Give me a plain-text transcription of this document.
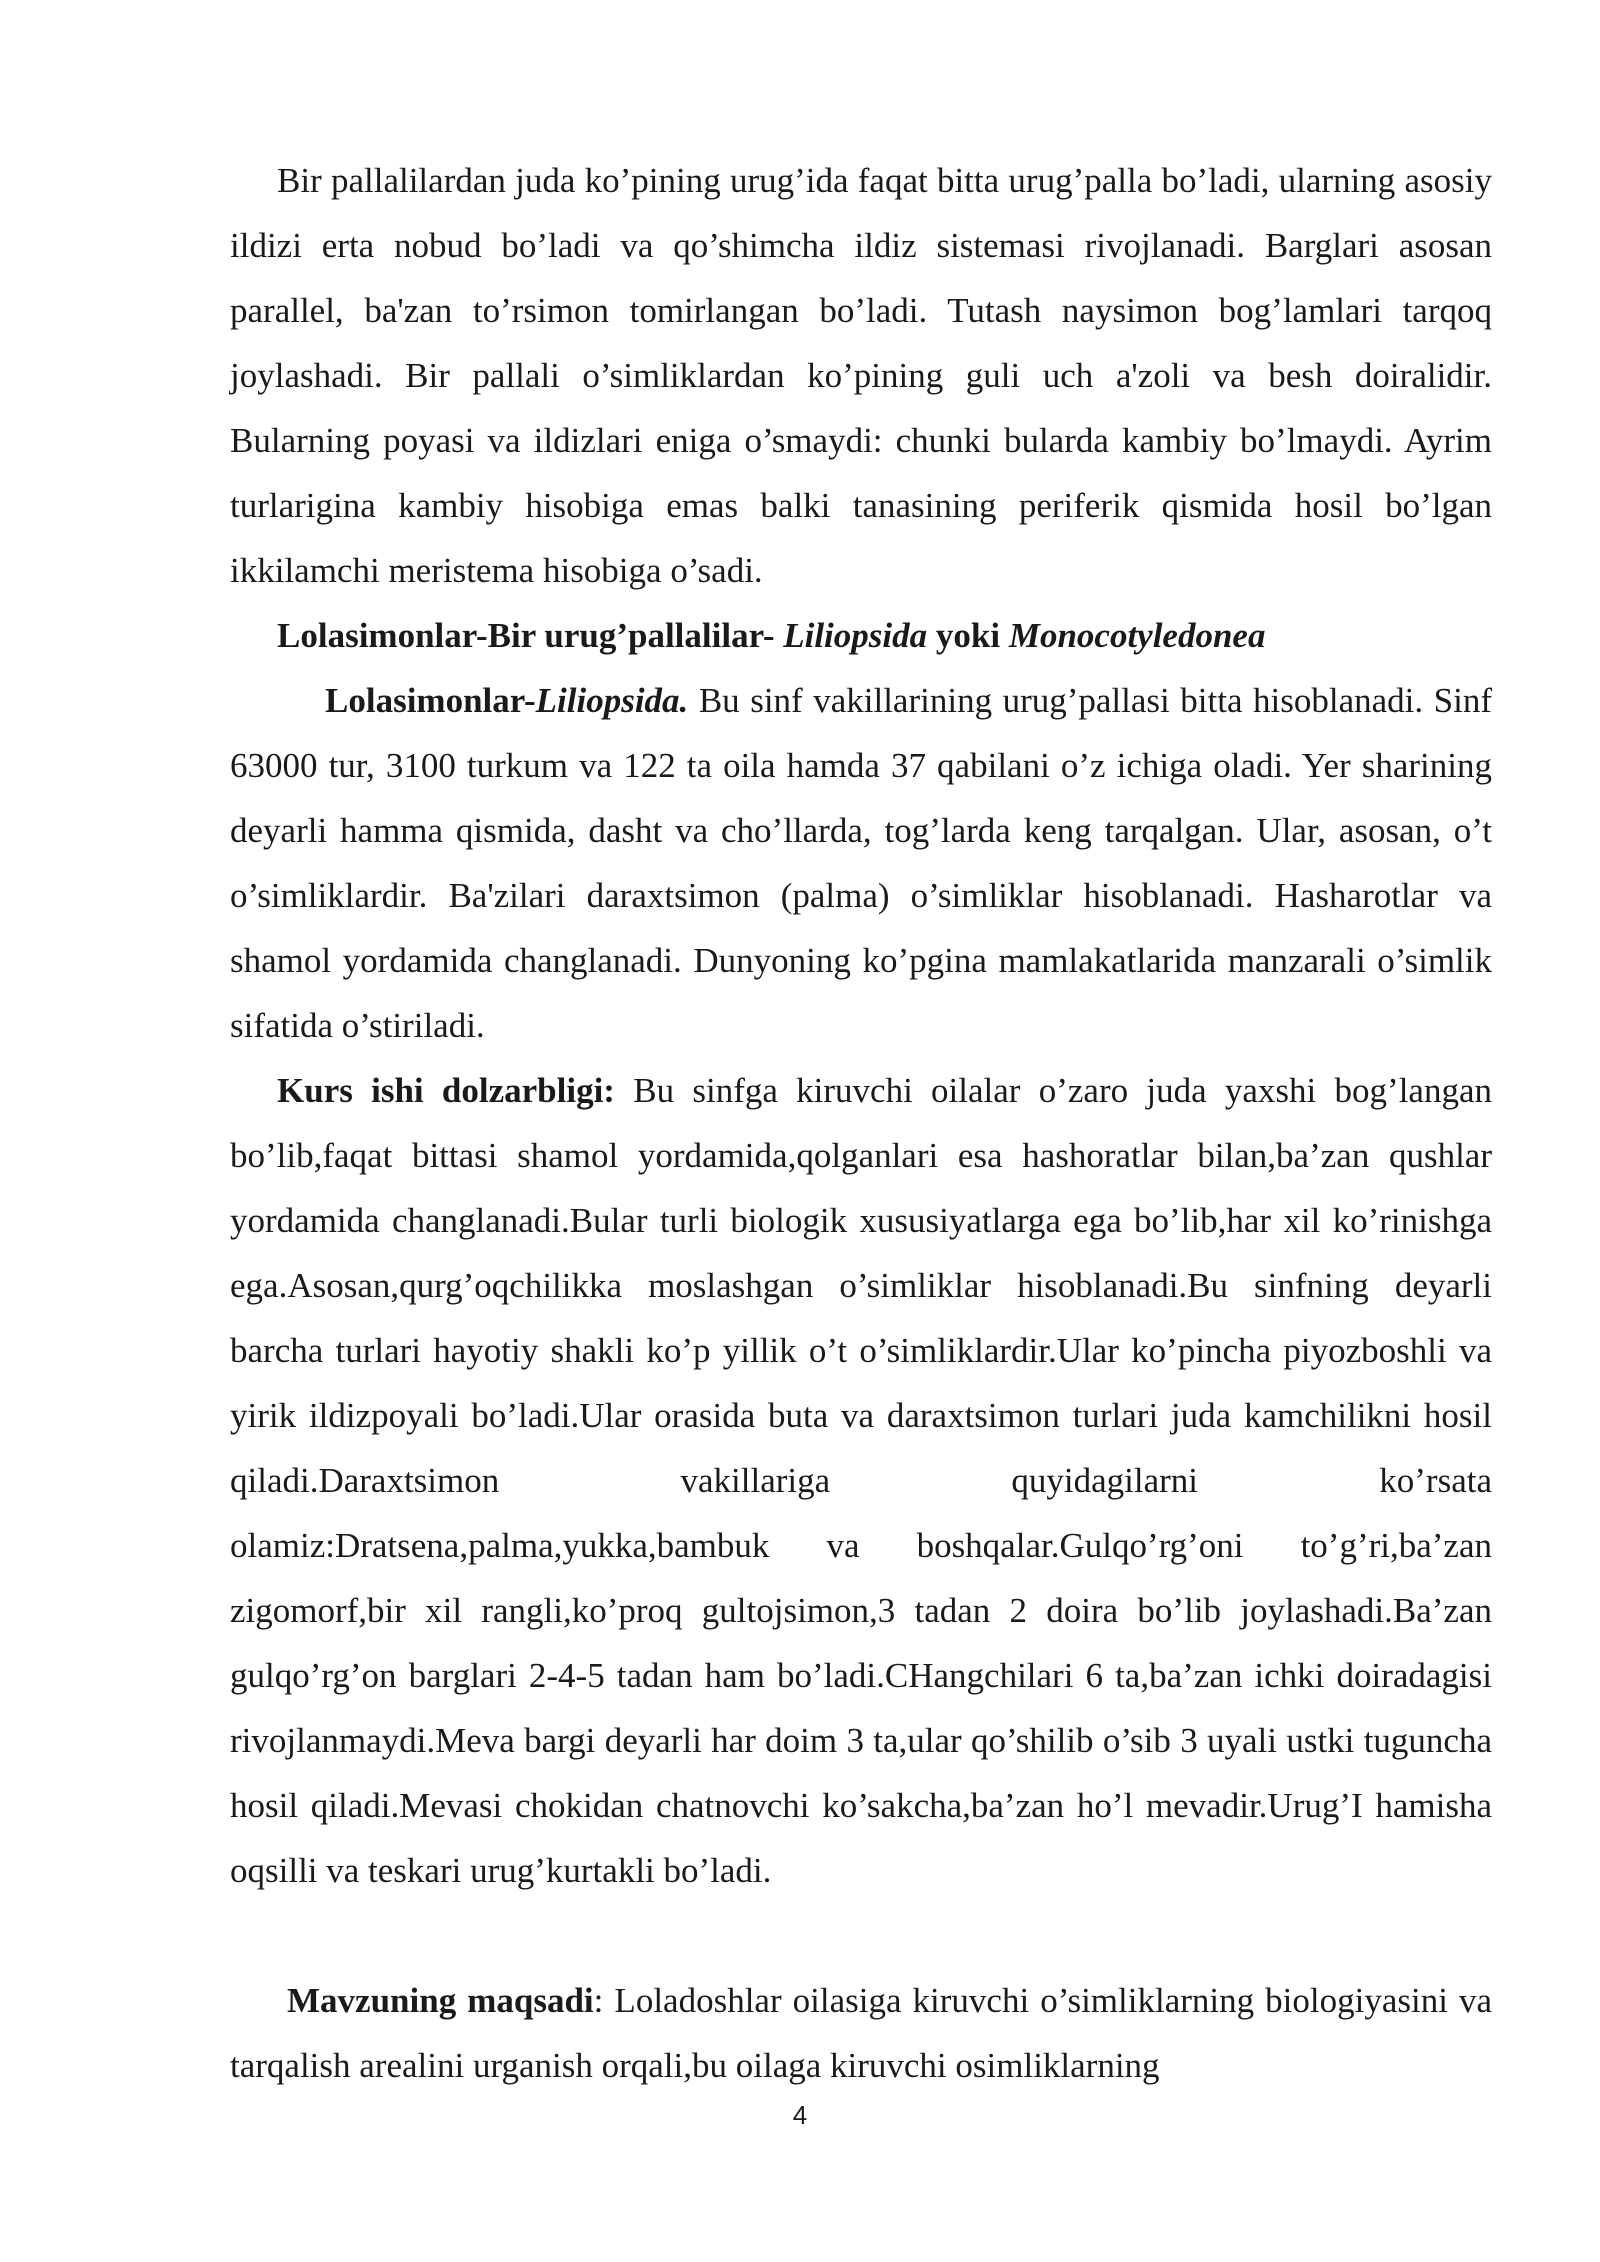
Bir pallalilardan juda ko’pining urug’ida faqat bitta urug’palla bo’ladi, ularning asosiy ildizi erta nobud bo’ladi va qo’shimcha ildiz sistemasi rivojlanadi. Barglari asosan parallel, ba'zan to’rsimon tomirlangan bo’ladi. Tutash naysimon bog’lamlari tarqoq joylashadi. Bir pallali o’simliklardan ko’pining guli uch a'zoli va besh doiralidir. Bularning poyasi va ildizlari eniga o’smaydi: chunki bularda kambiy bo’lmaydi. Ayrim turlarigina kambiy hisobiga emas balki tanasining periferik qismida hosil bo’lgan ikkilamchi meristema hisobiga o’sadi.

Lolasimonlar-Bir urug’pallalilar- Liliopsida yoki Monocotyledonea

Lolasimonlar-Liliopsida. Bu sinf vakillarining urug’pallasi bitta hisoblanadi. Sinf 63000 tur, 3100 turkum va 122 ta oila hamda 37 qabilani o’z ichiga oladi. Yer sharining deyarli hamma qismida, dasht va cho’llarda, tog’larda keng tarqalgan. Ular, asosan, o’t o’simliklardir. Ba'zilari daraxtsimon (palma) o’simliklar hisoblanadi. Hasharotlar va shamol yordamida changlanadi. Dunyoning ko’pgina mamlakatlarida manzarali o’simlik sifatida o’stiriladi.

Kurs ishi dolzarbligi: Bu sinfga kiruvchi oilalar o’zaro juda yaxshi bog’langan bo’lib,faqat bittasi shamol yordamida,qolganlari esa hashoratlar bilan,ba’zan qushlar yordamida changlanadi.Bular turli biologik xususiyatlarga ega bo’lib,har xil ko’rinishga ega.Asosan,qurg’oqchilikka moslashgan o’simliklar hisoblanadi.Bu sinfning deyarli barcha turlari hayotiy shakli ko’p yillik o’t o’simliklardir.Ular ko’pincha piyozboshli va yirik ildizpoyali bo’ladi.Ular orasida buta va daraxtsimon turlari juda kamchilikni hosil qiladi.Daraxtsimon vakillariga quyidagilarni ko’rsata olamiz:Dratsena,palma,yukka,bambuk va boshqalar.Gulqo’rg’oni to’g’ri,ba’zan zigomorf,bir xil rangli,ko’proq gultojsimon,3 tadan 2 doira bo’lib joylashadi.Ba’zan gulqo’rg’on barglari 2-4-5 tadan ham bo’ladi.CHangchilari 6 ta,ba’zan ichki doiradagisi rivojlanmaydi.Meva bargi deyarli har doim 3 ta,ular qo’shilib o’sib 3 uyali ustki tuguncha hosil qiladi.Mevasi chokidan chatnovchi ko’sakcha,ba’zan ho’l mevadir.Urug’I hamisha oqsilli va teskari urug’kurtakli bo’ladi.

Mavzuning maqsadi: Loladoshlar oilasiga kiruvchi o’simliklarning biologiyasini va tarqalish arealini urganish orqali,bu oilaga kiruvchi osimliklarning

4
